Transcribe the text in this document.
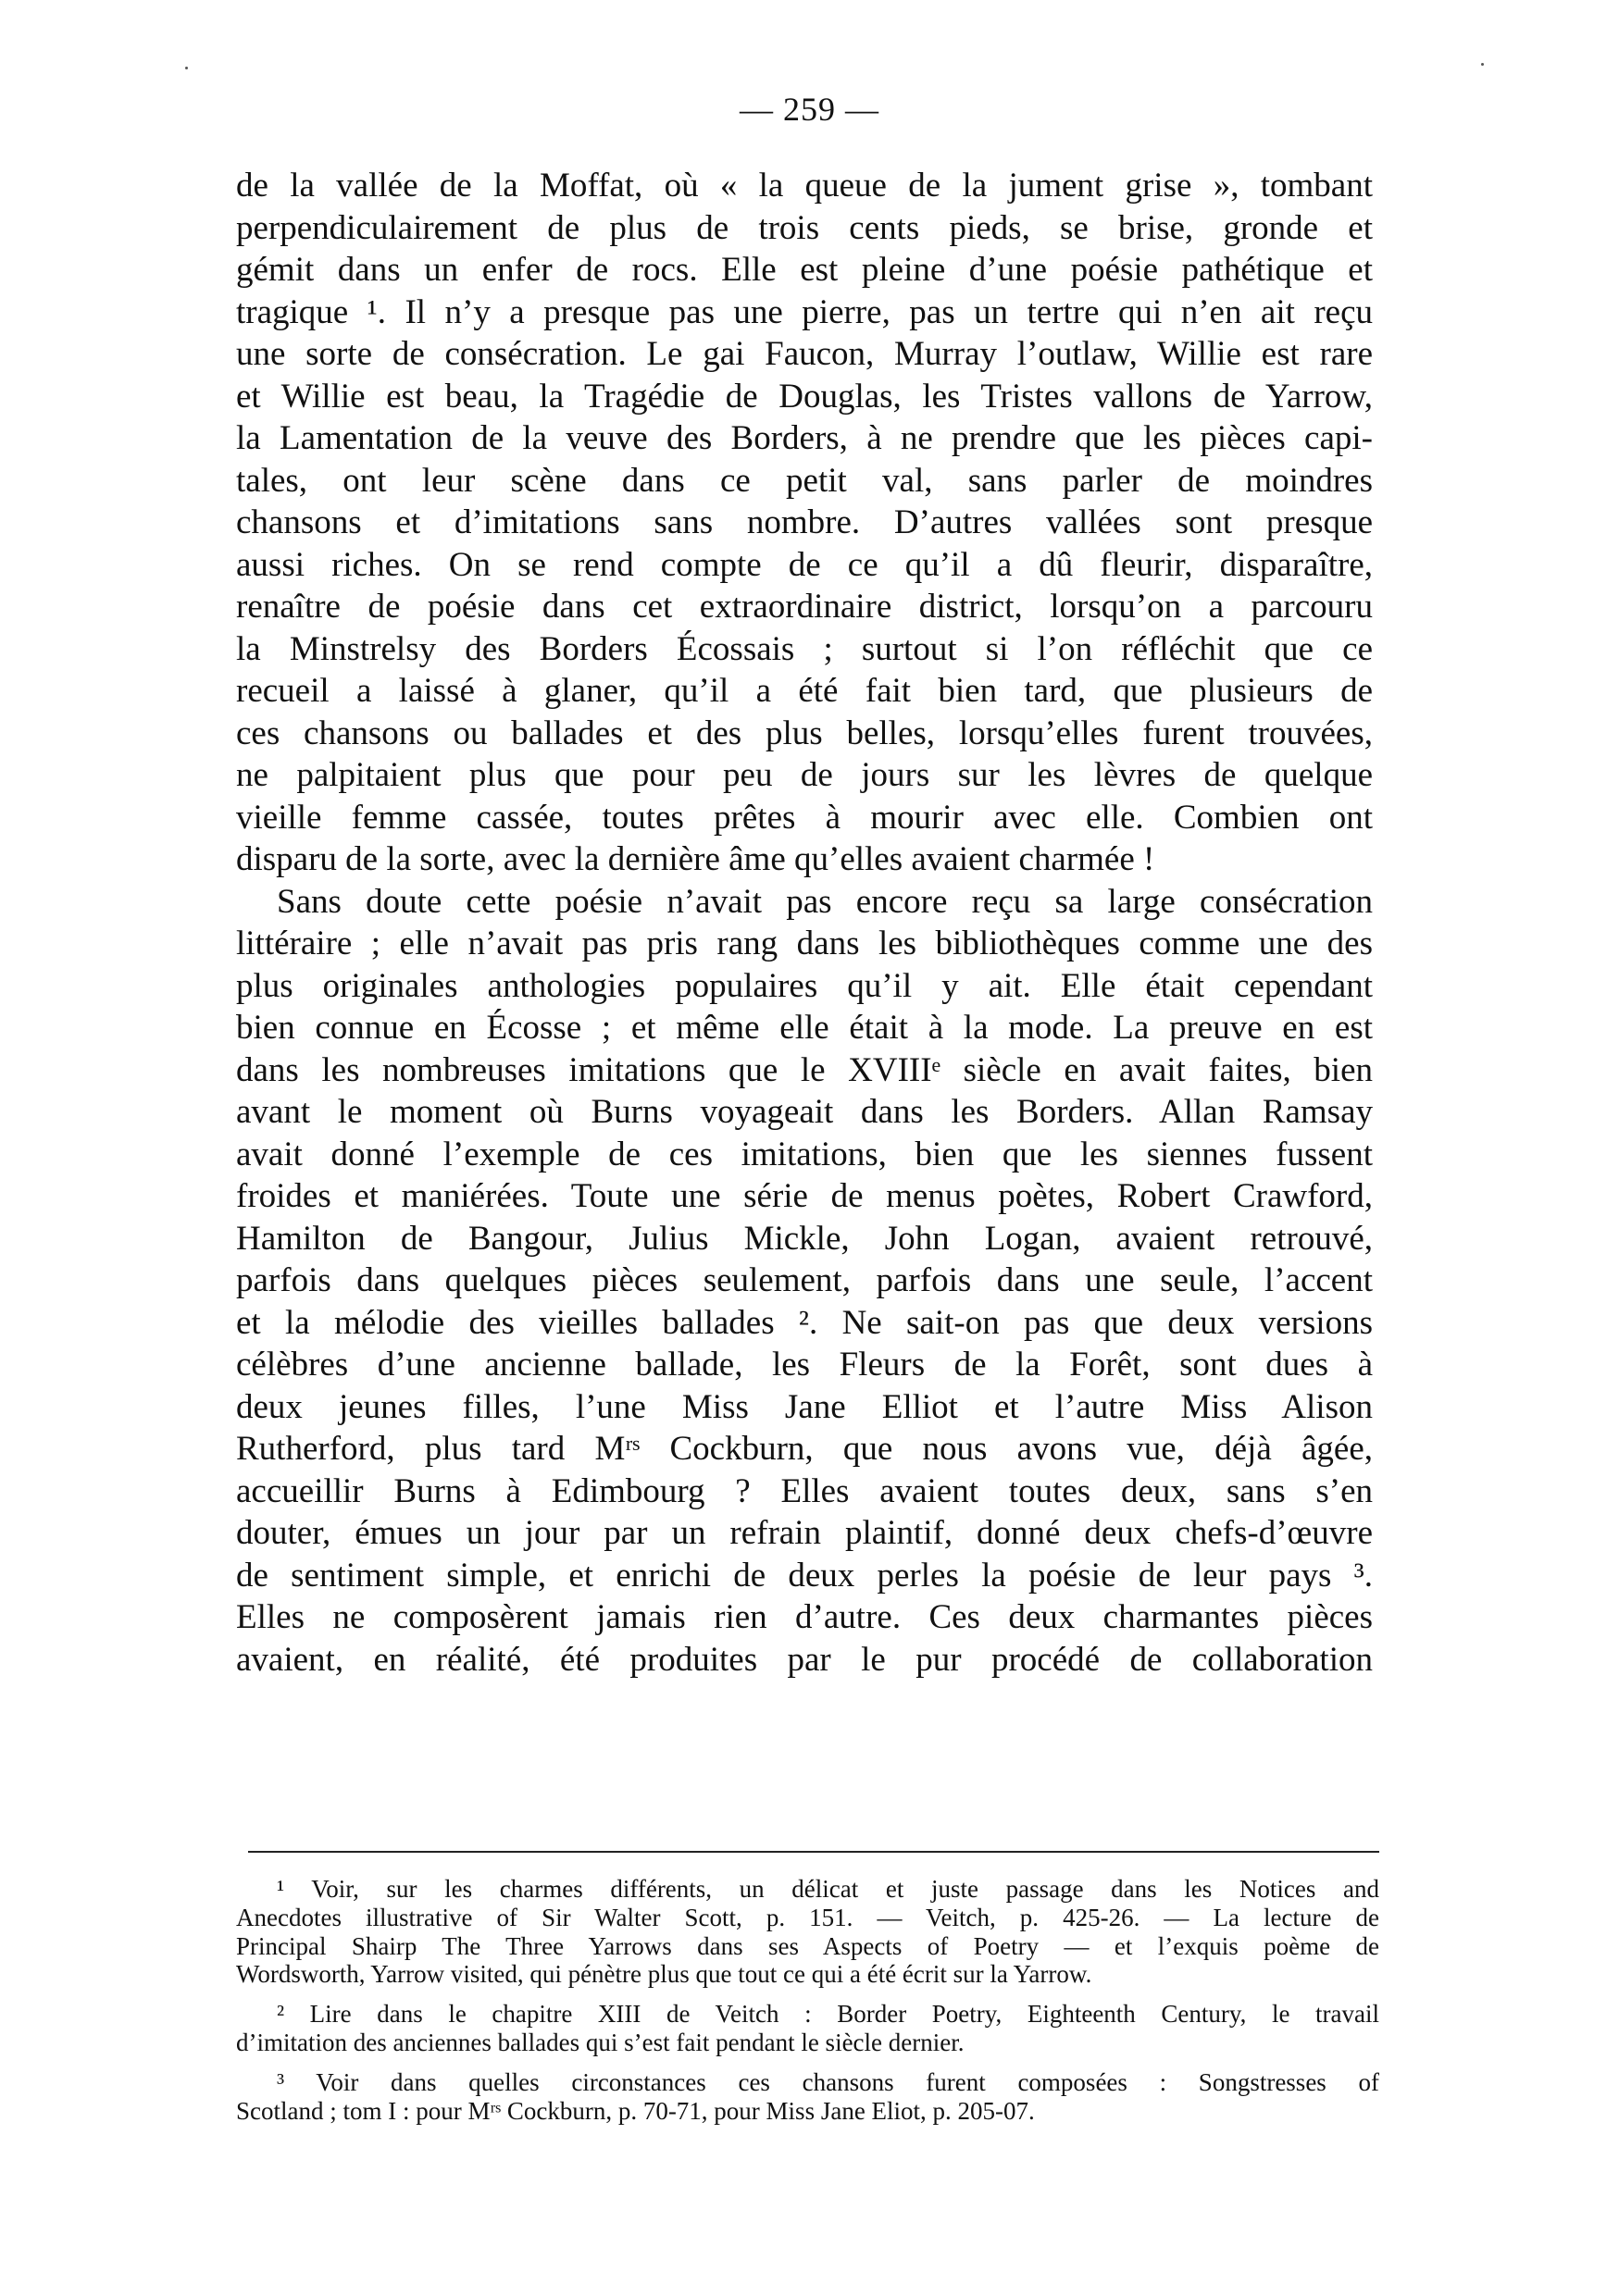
— 259 —
de la vallée de la Moffat, où « la queue de la jument grise », tombant
perpendiculairement de plus de trois cents pieds, se brise, gronde et
gémit dans un enfer de rocs. Elle est pleine d’une poésie pathétique et
tragique ¹. Il n’y a presque pas une pierre, pas un tertre qui n’en ait reçu
une sorte de consécration. Le gai Faucon, Murray l’outlaw, Willie est rare
et Willie est beau, la Tragédie de Douglas, les Tristes vallons de Yarrow,
la Lamentation de la veuve des Borders, à ne prendre que les pièces capi-
tales, ont leur scène dans ce petit val, sans parler de moindres
chansons et d’imitations sans nombre. D’autres vallées sont presque
aussi riches. On se rend compte de ce qu’il a dû fleurir, disparaître,
renaître de poésie dans cet extraordinaire district, lorsqu’on a parcouru
la Minstrelsy des Borders Écossais ; surtout si l’on réfléchit que ce
recueil a laissé à glaner, qu’il a été fait bien tard, que plusieurs de
ces chansons ou ballades et des plus belles, lorsqu’elles furent trouvées,
ne palpitaient plus que pour peu de jours sur les lèvres de quelque
vieille femme cassée, toutes prêtes à mourir avec elle. Combien ont
disparu de la sorte, avec la dernière âme qu’elles avaient charmée !
Sans doute cette poésie n’avait pas encore reçu sa large consécration
littéraire ; elle n’avait pas pris rang dans les bibliothèques comme une des
plus originales anthologies populaires qu’il y ait. Elle était cependant
bien connue en Écosse ; et même elle était à la mode. La preuve en est
dans les nombreuses imitations que le XVIIIᵉ siècle en avait faites, bien
avant le moment où Burns voyageait dans les Borders. Allan Ramsay
avait donné l’exemple de ces imitations, bien que les siennes fussent
froides et maniérées. Toute une série de menus poètes, Robert Crawford,
Hamilton de Bangour, Julius Mickle, John Logan, avaient retrouvé,
parfois dans quelques pièces seulement, parfois dans une seule, l’accent
et la mélodie des vieilles ballades ². Ne sait-on pas que deux versions
célèbres d’une ancienne ballade, les Fleurs de la Forêt, sont dues à
deux jeunes filles, l’une Miss Jane Elliot et l’autre Miss Alison
Rutherford, plus tard Mʳˢ Cockburn, que nous avons vue, déjà âgée,
accueillir Burns à Edimbourg ? Elles avaient toutes deux, sans s’en
douter, émues un jour par un refrain plaintif, donné deux chefs-d’œuvre
de sentiment simple, et enrichi de deux perles la poésie de leur pays ³.
Elles ne composèrent jamais rien d’autre. Ces deux charmantes pièces
avaient, en réalité, été produites par le pur procédé de collaboration
¹ Voir, sur les charmes différents, un délicat et juste passage dans les Notices and
Anecdotes illustrative of Sir Walter Scott, p. 151. — Veitch, p. 425-26. — La lecture de
Principal Shairp The Three Yarrows dans ses Aspects of Poetry — et l’exquis poème de
Wordsworth, Yarrow visited, qui pénètre plus que tout ce qui a été écrit sur la Yarrow.
² Lire dans le chapitre XIII de Veitch : Border Poetry, Eighteenth Century, le travail
d’imitation des anciennes ballades qui s’est fait pendant le siècle dernier.
³ Voir dans quelles circonstances ces chansons furent composées : Songstresses of
Scotland ; tom I : pour Mʳˢ Cockburn, p. 70-71, pour Miss Jane Eliot, p. 205-07.
